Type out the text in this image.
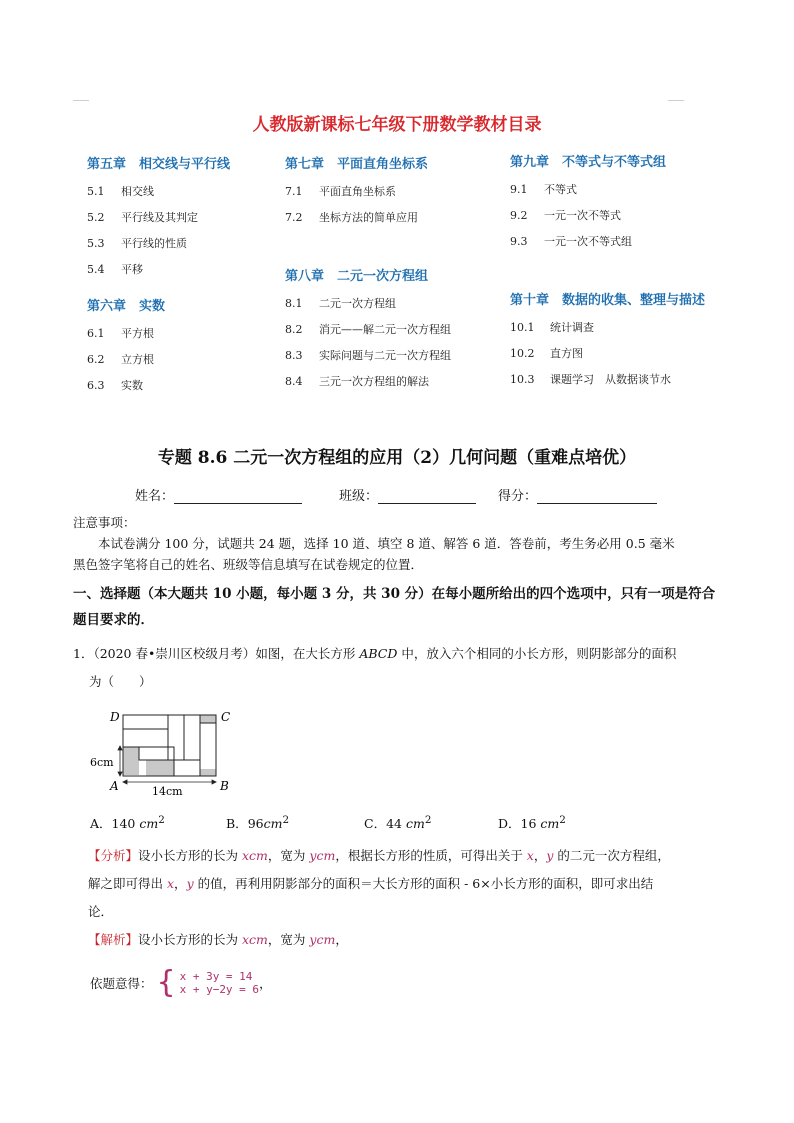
人教版新课标七年级下册数学教材目录
第五章　相交线与平行线
5.1 相交线
5.2 平行线及其判定
5.3 平行线的性质
5.4 平移
第六章　实数
6.1 平方根
6.2 立方根
6.3 实数
第七章　平面直角坐标系
7.1 平面直角坐标系
7.2 坐标方法的简单应用
第八章　二元一次方程组
8.1 二元一次方程组
8.2 消元——解二元一次方程组
8.3 实际问题与二元一次方程组
8.4 三元一次方程组的解法
第九章　不等式与不等式组
9.1 不等式
9.2 一元一次不等式
9.3 一元一次不等式组
第十章　数据的收集、整理与描述
10.1 统计调查
10.2 直方图
10.3 课题学习　从数据谈节水
专题 8.6 二元一次方程组的应用（2）几何问题（重难点培优）
姓名：	班级：	得分：
注意事项：
本试卷满分 100 分，试题共 24 题，选择 10 道、填空 8 道、解答 6 道．答卷前，考生务必用 0.5 毫米
黑色签字笔将自己的姓名、班级等信息填写在试卷规定的位置．
一、选择题（本大题共 10 小题，每小题 3 分，共 30 分）在每小题所给出的四个选项中，只有一项是符合
题目要求的．
1．（2020 春•崇川区校级月考）如图，在大长方形 ABCD 中，放入六个相同的小长方形，则阴影部分的面积
为（　　）
D	C
A	B
6cm
14cm
A．140 $cm^2$	B．$96cm^2$	C．44 $cm^2$	D．16 $cm^2$
【分析】设小长方形的长为 xcm，宽为 ycm，根据长方形的性质，可得出关于 x，y 的二元一次方程组，
解之即可得出 x，y 的值，再利用阴影部分的面积＝大长方形的面积 - 6×小长方形的面积，即可求出结
论．
【解析】设小长方形的长为 xcm，宽为 ycm，
依题意得： { x + 3y = 14
x + y−2y = 6 ，
